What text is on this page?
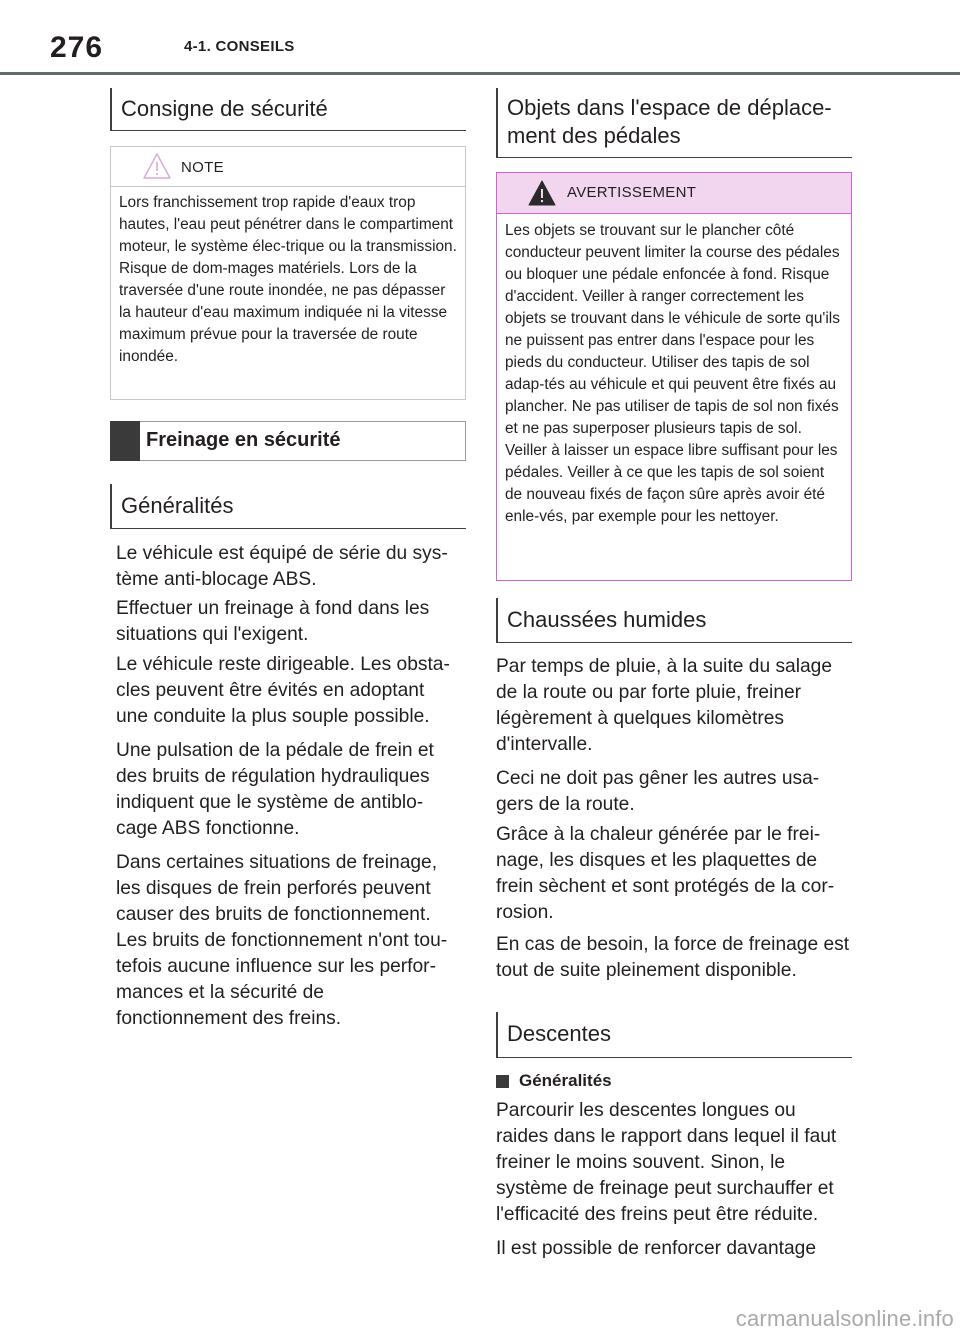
276	4-1. CONSEILS
Consigne de sécurité
NOTE
Lors franchissement trop rapide d'eaux trop hautes, l'eau peut pénétrer dans le compartiment moteur, le système élec-trique ou la transmission. Risque de dom-mages matériels. Lors de la traversée d'une route inondée, ne pas dépasser la hauteur d'eau maximum indiquée ni la vitesse maximum prévue pour la traversée de route inondée.
Freinage en sécurité
Généralités
Le véhicule est équipé de série du sys-tème anti-blocage ABS.
Effectuer un freinage à fond dans les situations qui l'exigent.
Le véhicule reste dirigeable. Les obsta-cles peuvent être évités en adoptant une conduite la plus souple possible.
Une pulsation de la pédale de frein et des bruits de régulation hydrauliques indiquent que le système de antiblo-cage ABS fonctionne.
Dans certaines situations de freinage, les disques de frein perforés peuvent causer des bruits de fonctionnement. Les bruits de fonctionnement n'ont tou-tefois aucune influence sur les perfor-mances et la sécurité de fonctionnement des freins.
Objets dans l'espace de déplace-ment des pédales
AVERTISSEMENT
Les objets se trouvant sur le plancher côté conducteur peuvent limiter la course des pédales ou bloquer une pédale enfoncée à fond. Risque d'accident. Veiller à ranger correctement les objets se trouvant dans le véhicule de sorte qu'ils ne puissent pas entrer dans l'espace pour les pieds du conducteur. Utiliser des tapis de sol adap-tés au véhicule et qui peuvent être fixés au plancher. Ne pas utiliser de tapis de sol non fixés et ne pas superposer plusieurs tapis de sol. Veiller à laisser un espace libre suffisant pour les pédales. Veiller à ce que les tapis de sol soient de nouveau fixés de façon sûre après avoir été enle-vés, par exemple pour les nettoyer.
Chaussées humides
Par temps de pluie, à la suite du salage de la route ou par forte pluie, freiner légèrement à quelques kilomètres d'intervalle.
Ceci ne doit pas gêner les autres usa-gers de la route.
Grâce à la chaleur générée par le frei-nage, les disques et les plaquettes de frein sèchent et sont protégés de la cor-rosion.
En cas de besoin, la force de freinage est tout de suite pleinement disponible.
Descentes
Généralités
Parcourir les descentes longues ou raides dans le rapport dans lequel il faut freiner le moins souvent. Sinon, le système de freinage peut surchauffer et l'efficacité des freins peut être réduite.
Il est possible de renforcer davantage
carmanualsonline.info
